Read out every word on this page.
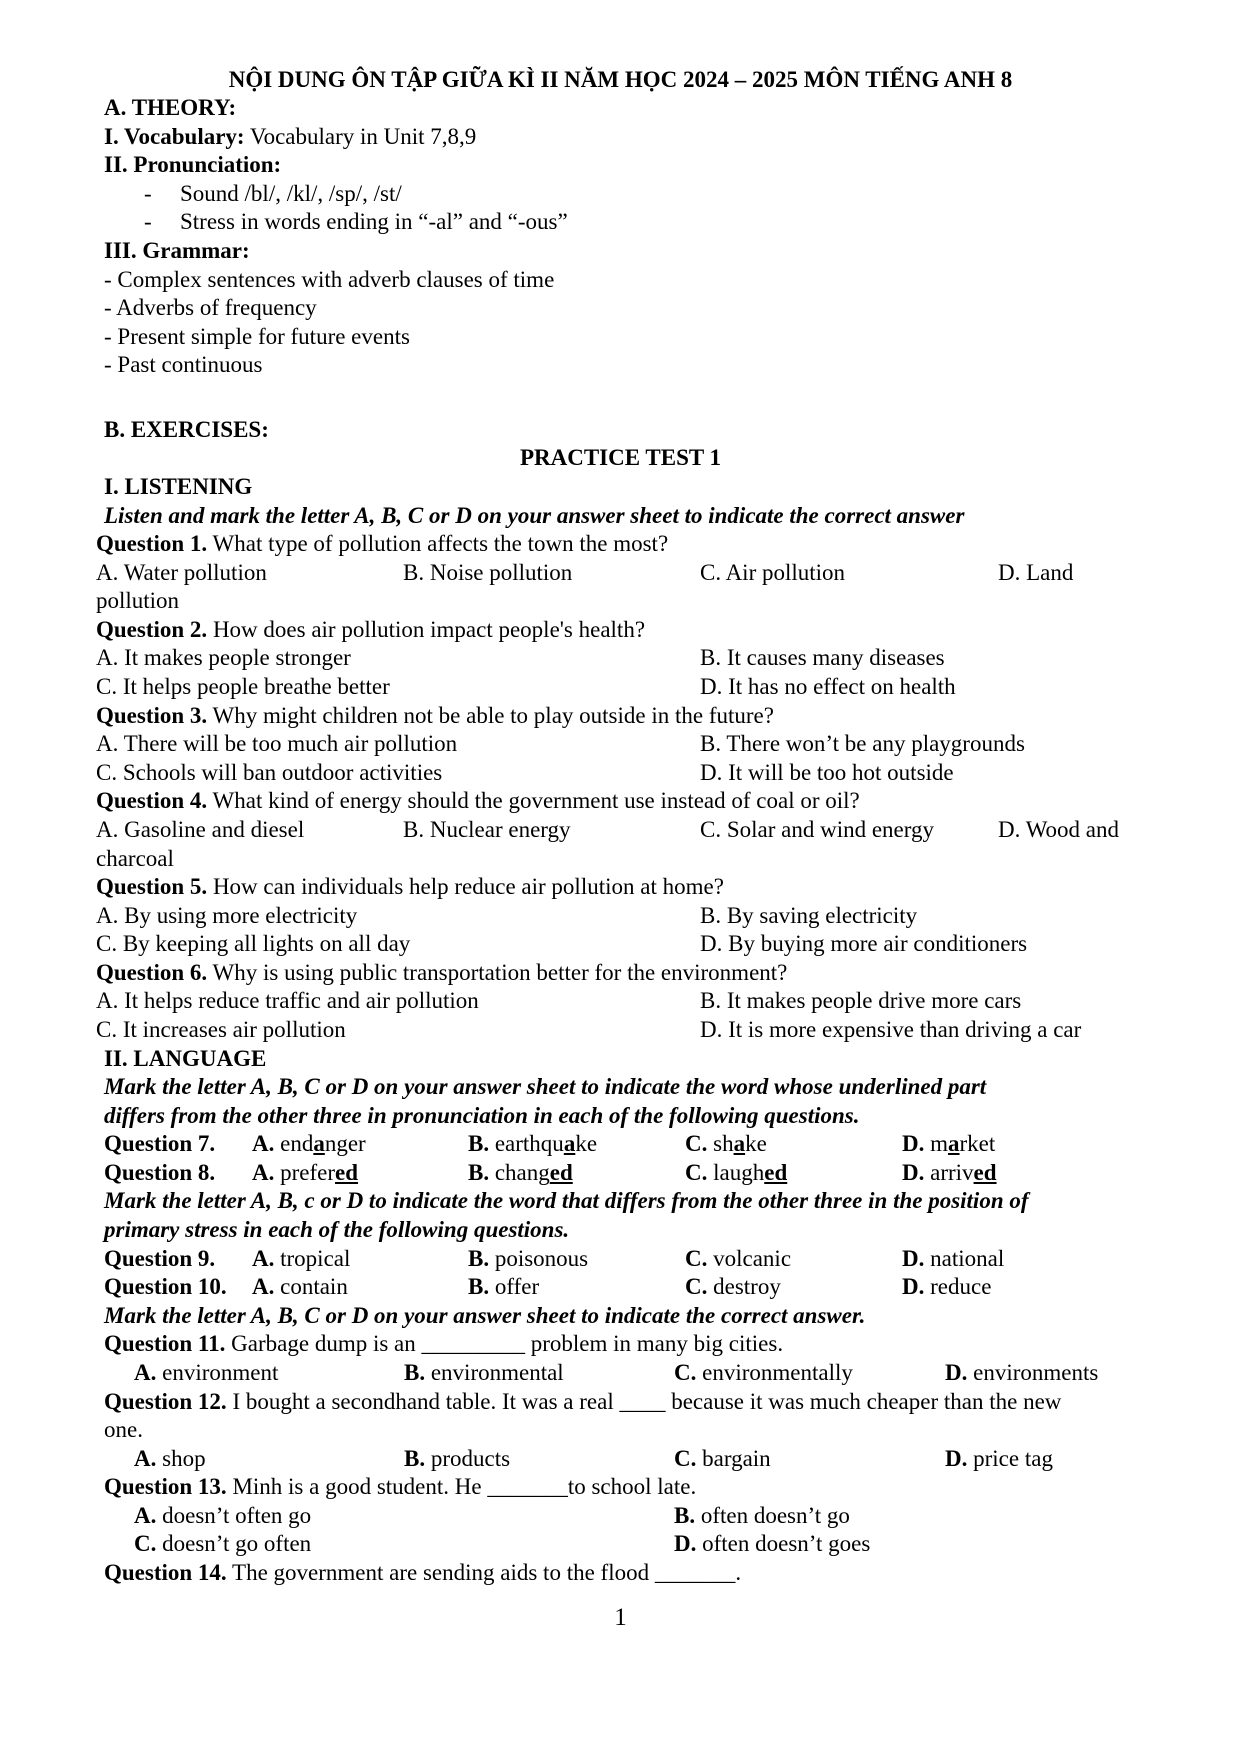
NỘI DUNG ÔN TẬP GIỮA KÌ II NĂM HỌC 2024 – 2025 MÔN TIẾNG ANH 8
A. THEORY:
I. Vocabulary: Vocabulary in Unit 7,8,9
II. Pronunciation:
- Sound /bl/, /kl/, /sp/, /st/
- Stress in words ending in “-al” and “-ous”
III. Grammar:
- Complex sentences with adverb clauses of time
- Adverbs of frequency
- Present simple for future events
- Past continuous
B. EXERCISES:
PRACTICE TEST 1
I. LISTENING
Listen and mark the letter A, B, C or D on your answer sheet to indicate the correct answer
Question 1. What type of pollution affects the town the most?
A. Water pollution	B. Noise pollution	C. Air pollution	D. Land
pollution
Question 2. How does air pollution impact people's health?
A. It makes people stronger	B. It causes many diseases
C. It helps people breathe better	D. It has no effect on health
Question 3. Why might children not be able to play outside in the future?
A. There will be too much air pollution	B. There won’t be any playgrounds
C. Schools will ban outdoor activities	D. It will be too hot outside
Question 4. What kind of energy should the government use instead of coal or oil?
A. Gasoline and diesel	B. Nuclear energy	C. Solar and wind energy	D. Wood and
charcoal
Question 5. How can individuals help reduce air pollution at home?
A. By using more electricity	B. By saving electricity
C. By keeping all lights on all day	D. By buying more air conditioners
Question 6. Why is using public transportation better for the environment?
A. It helps reduce traffic and air pollution	B. It makes people drive more cars
C. It increases air pollution	D. It is more expensive than driving a car
II. LANGUAGE
Mark the letter A, B, C or D on your answer sheet to indicate the word whose underlined part
differs from the other three in pronunciation in each of the following questions.
Question 7. A. endanger	B. earthquake	C. shake	D. market
Question 8. A. prefered	B. changed	C. laughed	D. arrived
Mark the letter A, B, c or D to indicate the word that differs from the other three in the position of
primary stress in each of the following questions.
Question 9. A. tropical	B. poisonous	C. volcanic	D. national
Question 10. A. contain	B. offer	C. destroy	D. reduce
Mark the letter A, B, C or D on your answer sheet to indicate the correct answer.
Question 11. Garbage dump is an _________ problem in many big cities.
A. environment	B. environmental	C. environmentally	D. environments
Question 12. I bought a secondhand table. It was a real ____ because it was much cheaper than the new
one.
A. shop	B. products	C. bargain	D. price tag
Question 13. Minh is a good student. He _______to school late.
A. doesn’t often go	B. often doesn’t go
C. doesn’t go often	D. often doesn’t goes
Question 14. The government are sending aids to the flood _______.
1
